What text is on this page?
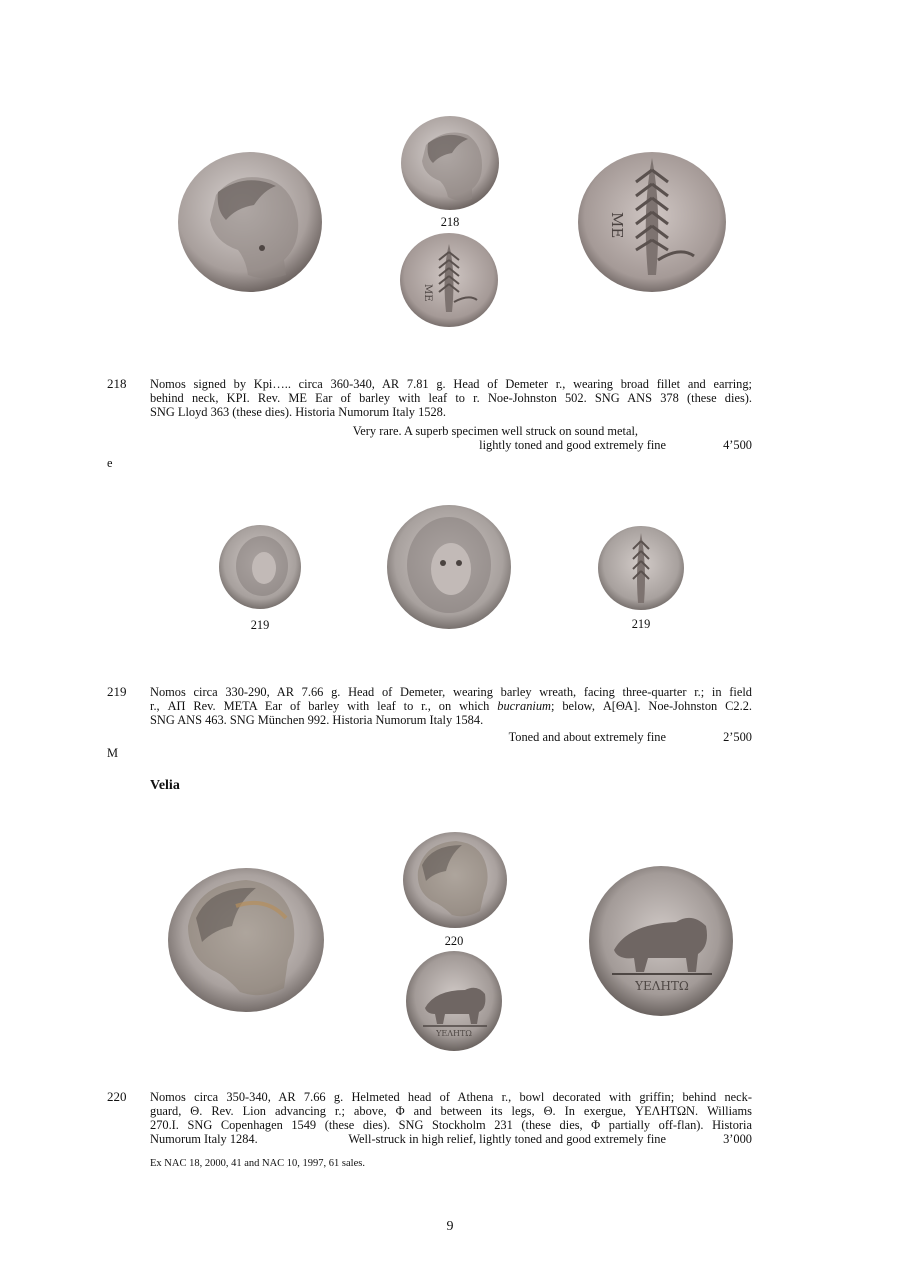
218
ΜΕ
ΜΕ
218 Nomos signed by Kpi….. circa 360-340, AR 7.81 g. Head of Demeter r., wearing broad fillet and earring;
behind neck, KPI. Rev. ME Ear of barley with leaf to r. Noe-Johnston 502. SNG ANS 378 (these dies).
SNG Lloyd 363 (these dies). Historia Numorum Italy 1528.
Very rare. A superb specimen well struck on sound metal,
lightly toned and good extremely fine	4’500
e
219	219
219 Nomos circa 330-290, AR 7.66 g. Head of Demeter, wearing barley wreath, facing three-quarter r.; in field
r., ΑΠ Rev. ΜΕΤΑ Ear of barley with leaf to r., on which bucranium; below, Α[ΘΑ]. Noe-Johnston C2.2.
SNG ANS 463. SNG München 992. Historia Numorum Italy 1584.
Toned and about extremely fine	2’500
M
Velia
220
ΥΕΛΗΤΩ
ΥΕΛΗΤΩ
220 Nomos circa 350-340, AR 7.66 g. Helmeted head of Athena r., bowl decorated with griffin; behind neck-
guard, Θ. Rev. Lion advancing r.; above, Φ and between its legs, Θ. In exergue, ΥΕΛΗΤΩΝ. Williams
270.I. SNG Copenhagen 1549 (these dies). SNG Stockholm 231 (these dies, Φ partially off-flan). Historia
Numorum Italy 1284.	Well-struck in high relief, lightly toned and good extremely fine	3’000
Ex NAC 18, 2000, 41 and NAC 10, 1997, 61 sales.
9
